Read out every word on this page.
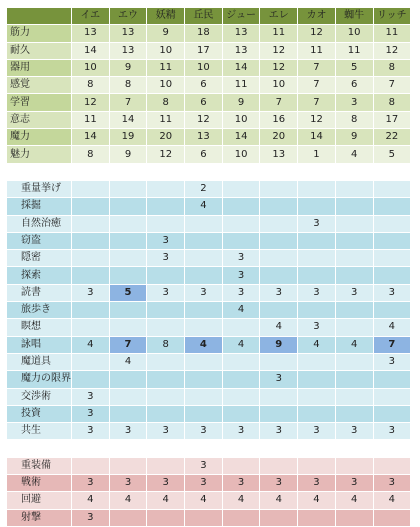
	イエ	エウ	妖精	丘民	ジュー	エレ	カオ	蜘牛	リッチ
筋力	13	13	9	18	13	11	12	10	11
耐久	14	13	10	17	13	12	11	11	12
器用	10	9	11	10	14	12	7	5	8
感覚	8	8	10	6	11	10	7	6	7
学習	12	7	8	6	9	7	7	3	8
意志	11	14	11	12	10	16	12	8	17
魔力	14	19	20	13	14	20	14	9	22
魅力	8	9	12	6	10	13	1	4	5

重量挙げ				2					
採掘				4					
自然治癒							3		
窃盗			3						
隠密			3		3				
探索					3				
読書	3	5	3	3	3	3	3	3	3
旅歩き					4				
瞑想						4	3		4
詠唱	4	7	8	4	4	9	4	4	7
魔道具		4							3
魔力の限界						3			
交渉術	3								
投資	3								
共生	3	3	3	3	3	3	3	3	3

重装備				3					
戦術	3	3	3	3	3	3	3	3	3
回避	4	4	4	4	4	4	4	4	4
射撃	3								
